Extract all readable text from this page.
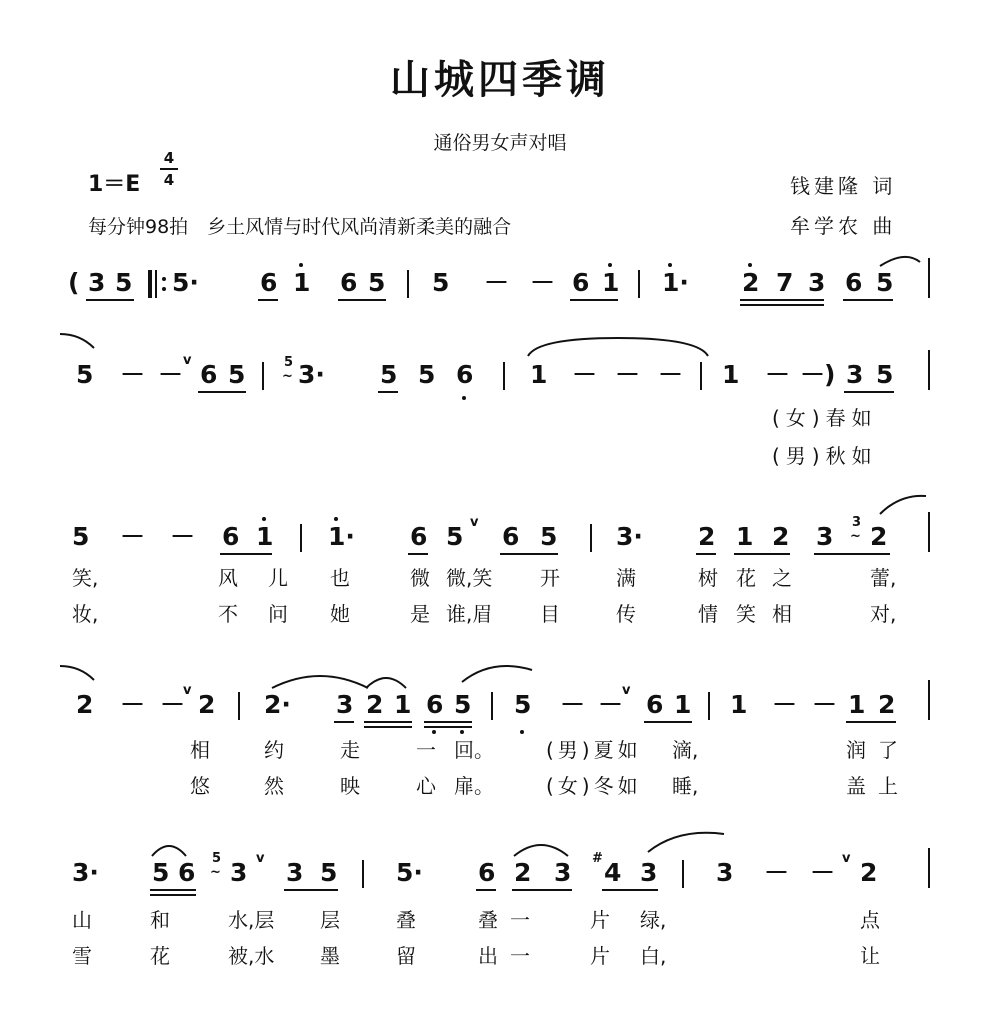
山城四季调
通俗男女声对唱
1＝E
4
4
每分钟98拍　乡土风情与时代风尚清新柔美的融合
钱建隆 词
牟学农 曲
( 3 5 5· 6 1 6 5 5 － － 6 1 1· 2 7 3 6 5
5 － － v 6 5	5
~ 3· 5 5 6 1 － － － 1 － －
) 3 5
(女)春如
(男)秋如
5 － － 6 1 1· 6 5 v 6 5 3· 2 1 2 3 3
~ 2
笑,	风 儿 也	微 微,笑 开	满	树 花 之	蕾,
妆,	不 问 她	是 谁,眉 目	传	情 笑 相	对,
2 － －
v 2 2· 3 2 1 6 5 5 － －
v 6 1 1 － － 1 2
相	约	走	一 回。	(男)夏如 滴,	润 了
悠	然	映	心 扉。	(女)冬如 睡,	盖 上
3· 5 6 5
~ 3 v 3 5 5· 6 2 3 # 4 3 3 － － v 2
山	和	水,层 层	叠	叠 一	片 绿,	点
雪	花	被,水 墨	留	出 一	片 白,	让
